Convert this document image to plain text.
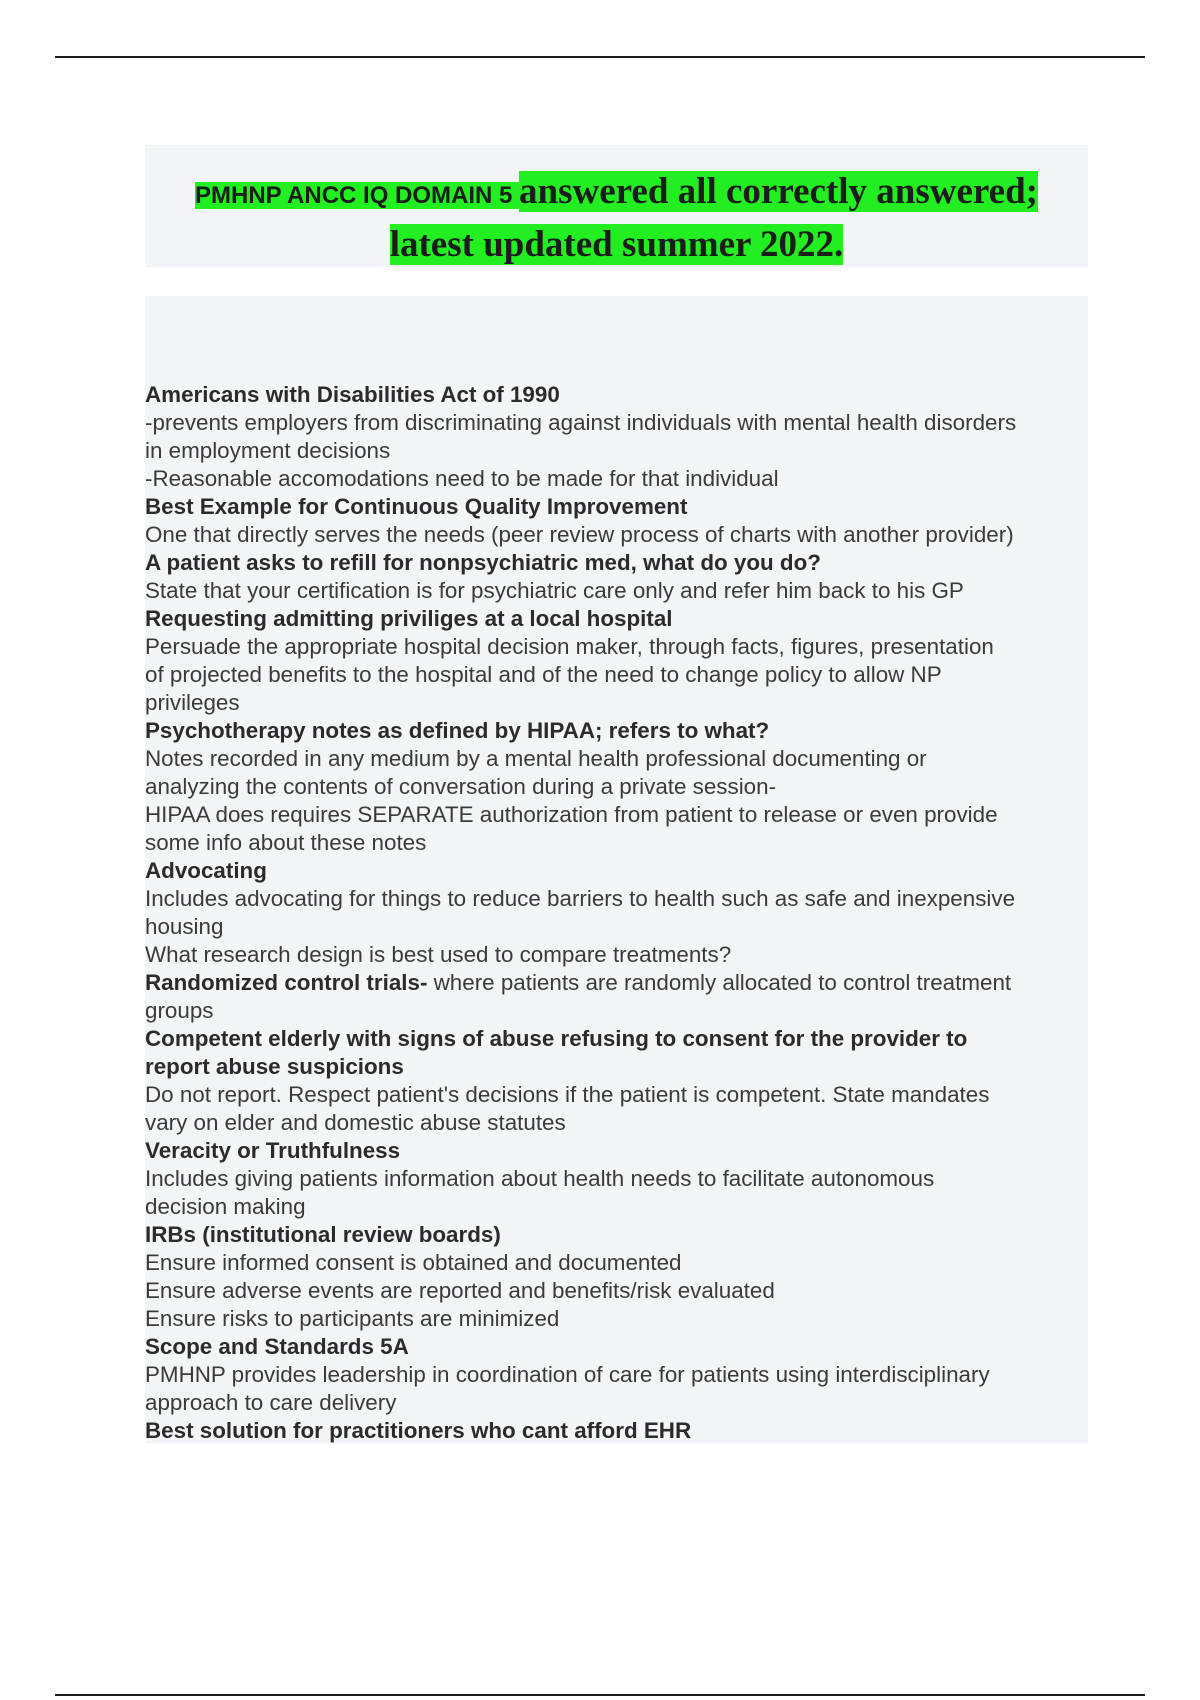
PMHNP ANCC IQ DOMAIN 5 answered all correctly answered;
latest updated summer 2022.

Americans with Disabilities Act of 1990

-prevents employers from discriminating against individuals with mental health disorders

in employment decisions

-Reasonable accomodations need to be made for that individual

Best Example for Continuous Quality Improvement

One that directly serves the needs (peer review process of charts with another provider)

A patient asks to refill for nonpsychiatric med, what do you do?

State that your certification is for psychiatric care only and refer him back to his GP

Requesting admitting priviliges at a local hospital

Persuade the appropriate hospital decision maker, through facts, figures, presentation

of projected benefits to the hospital and of the need to change policy to allow NP

privileges

Psychotherapy notes as defined by HIPAA; refers to what?

Notes recorded in any medium by a mental health professional documenting or

analyzing the contents of conversation during a private session-

HIPAA does requires SEPARATE authorization from patient to release or even provide

some info about these notes

Advocating

Includes advocating for things to reduce barriers to health such as safe and inexpensive

housing

What research design is best used to compare treatments?

Randomized control trials- where patients are randomly allocated to control treatment

groups

Competent elderly with signs of abuse refusing to consent for the provider to

report abuse suspicions

Do not report. Respect patient's decisions if the patient is competent. State mandates

vary on elder and domestic abuse statutes

Veracity or Truthfulness

Includes giving patients information about health needs to facilitate autonomous

decision making

IRBs (institutional review boards)

Ensure informed consent is obtained and documented

Ensure adverse events are reported and benefits/risk evaluated

Ensure risks to participants are minimized

Scope and Standards 5A

PMHNP provides leadership in coordination of care for patients using interdisciplinary

approach to care delivery

Best solution for practitioners who cant afford EHR
